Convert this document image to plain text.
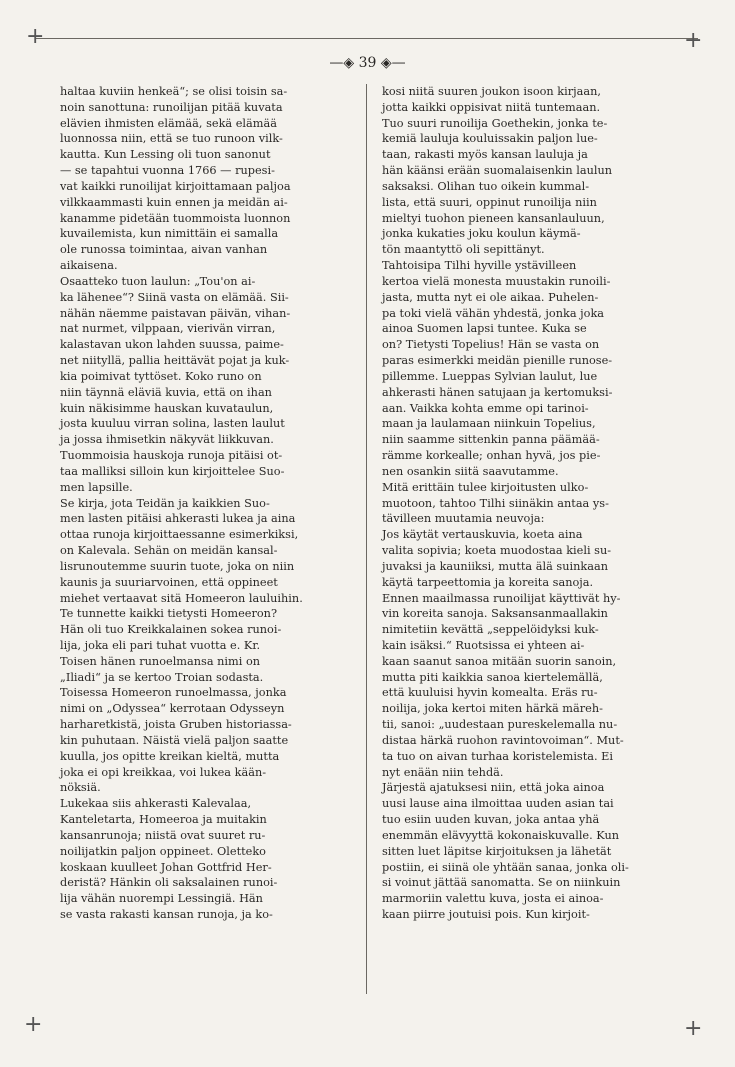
+	+
+	+
—◈ 39 ◈—
haltaa kuviin henkeä“; se olisi toisin sa-
noin sanottuna: runoilijan pitää kuvata
elävien ihmisten elämää, sekä elämää
luonnossa niin, että se tuo runoon vilk-
kautta. Kun Lessing oli tuon sanonut
— se tapahtui vuonna 1766 — rupesi-
vat kaikki runoilijat kirjoittamaan paljoa
vilkkaammasti kuin ennen ja meidän ai-
kanamme pidetään tuommoista luonnon
kuvailemista, kun nimittäin ei samalla
ole runossa toimintaa, aivan vanhan
aikaisena.
Osaatteko tuon laulun: „Tou'on ai-
ka lähenee“? Siinä vasta on elämää. Sii-
nähän näemme paistavan päivän, vihan-
nat nurmet, vilppaan, vierivän virran,
kalastavan ukon lahden suussa, paime-
net niityllä, pallia heittävät pojat ja kuk-
kia poimivat tyttöset. Koko runo on
niin täynnä eläviä kuvia, että on ihan
kuin näkisimme hauskan kuvataulun,
josta kuuluu virran solina, lasten laulut
ja jossa ihmisetkin näkyvät liikkuvan.
Tuommoisia hauskoja runoja pitäisi ot-
taa malliksi silloin kun kirjoittelee Suo-
men lapsille.
Se kirja, jota Teidän ja kaikkien Suo-
men lasten pitäisi ahkerasti lukea ja aina
ottaa runoja kirjoittaessanne esimerkiksi,
on Kalevala. Sehän on meidän kansal-
lisrunoutemme suurin tuote, joka on niin
kaunis ja suuriarvoinen, että oppineet
miehet vertaavat sitä Homeeron lauluihin.
Te tunnette kaikki tietysti Homeeron?
Hän oli tuo Kreikkalainen sokea runoi-
lija, joka eli pari tuhat vuotta e. Kr.
Toisen hänen runoelmansa nimi on
„Iliadi“ ja se kertoo Troian sodasta.
Toisessa Homeeron runoelmassa, jonka
nimi on „Odyssea“ kerrotaan Odysseyn
harharetkistä, joista Gruben historiassa-
kin puhutaan. Näistä vielä paljon saatte
kuulla, jos opitte kreikan kieltä, mutta
joka ei opi kreikkaa, voi lukea kään-
nöksiä.
Lukekaa siis ahkerasti Kalevalaa,
Kanteletarta, Homeeroa ja muitakin
kansanrunoja; niistä ovat suuret ru-
noilijatkin paljon oppineet. Oletteko
koskaan kuulleet Johan Gottfrid Her-
deristä? Hänkin oli saksalainen runoi-
lija vähän nuorempi Lessingiä. Hän
se vasta rakasti kansan runoja, ja ko-
kosi niitä suuren joukon isoon kirjaan,
jotta kaikki oppisivat niitä tuntemaan.
Tuo suuri runoilija Goethekin, jonka te-
kemiä lauluja kouluissakin paljon lue-
taan, rakasti myös kansan lauluja ja
hän käänsi erään suomalaisenkin laulun
saksaksi. Olihan tuo oikein kummal-
lista, että suuri, oppinut runoilija niin
mieltyi tuohon pieneen kansanlauluun,
jonka kukaties joku koulun käymä-
tön maantyttö oli sepittänyt.
Tahtoisipa Tilhi hyville ystävilleen
kertoa vielä monesta muustakin runoili-
jasta, mutta nyt ei ole aikaa. Puhelen-
pa toki vielä vähän yhdestä, jonka joka
ainoa Suomen lapsi tuntee. Kuka se
on? Tietysti Topelius! Hän se vasta on
paras esimerkki meidän pienille runose-
pillemme. Lueppas Sylvian laulut, lue
ahkerasti hänen satujaan ja kertomuksi-
aan. Vaikka kohta emme opi tarinoi-
maan ja laulamaan niinkuin Topelius,
niin saamme sittenkin panna päämää-
rämme korkealle; onhan hyvä, jos pie-
nen osankin siitä saavutamme.
Mitä erittäin tulee kirjoitusten ulko-
muotoon, tahtoo Tilhi siinäkin antaa ys-
tävilleen muutamia neuvoja:
Jos käytät vertauskuvia, koeta aina
valita sopivia; koeta muodostaa kieli su-
juvaksi ja kauniiksi, mutta älä suinkaan
käytä tarpeettomia ja koreita sanoja.
Ennen maailmassa runoilijat käyttivät hy-
vin koreita sanoja. Saksansanmaallakin
nimitetiin kevättä „seppelöidyksi kuk-
kain isäksi.“ Ruotsissa ei yhteen ai-
kaan saanut sanoa mitään suorin sanoin,
mutta piti kaikkia sanoa kiertelemällä,
että kuuluisi hyvin komealta. Eräs ru-
noilija, joka kertoi miten härkä märeh-
tii, sanoi: „uudestaan pureskelemalla nu-
distaa härkä ruohon ravintovoiman“. Mut-
ta tuo on aivan turhaa koristelemista. Ei
nyt enään niin tehdä.
Järjestä ajatuksesi niin, että joka ainoa
uusi lause aina ilmoittaa uuden asian tai
tuo esiin uuden kuvan, joka antaa yhä
enemmän elävyyttä kokonaiskuvalle. Kun
sitten luet läpitse kirjoituksen ja lähetät
postiin, ei siinä ole yhtään sanaa, jonka oli-
si voinut jättää sanomatta. Se on niinkuin
marmoriin valettu kuva, josta ei ainoa-
kaan piirre joutuisi pois. Kun kirjoit-
